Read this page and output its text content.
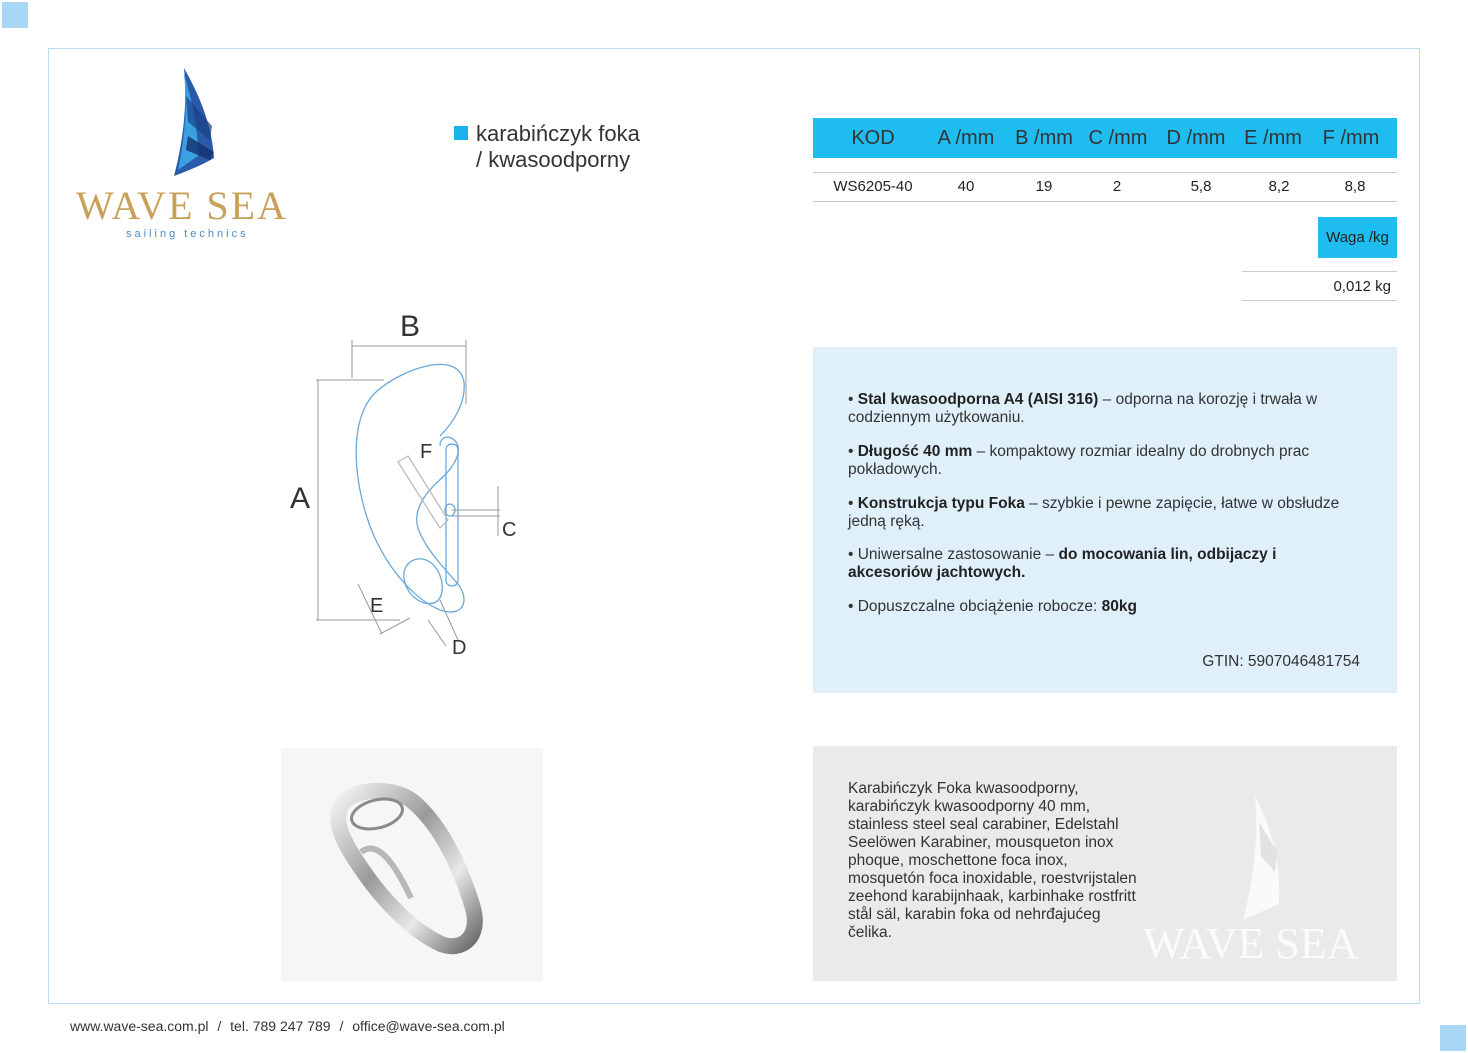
WAVE SEA
sailing technics
karabińczyk foka
/ kwasoodporny
KOD	A /mm	B /mm C /mm D /mm E /mm	F /mm
WS6205-40	40	19	2	5,8	8,2	8,8
Waga /kg
0,012 kg
B
A
F
C
E
D

• Stal kwasoodporna A4 (AISI 316) – odporna na korozję i trwała w codziennym użytkowaniu.

• Długość 40 mm – kompaktowy rozmiar idealny do drobnych prac pokładowych.

• Konstrukcja typu Foka – szybkie i pewne zapięcie, łatwe w obsłudze jedną ręką.

• Uniwersalne zastosowanie – do mocowania lin, odbijaczy i akcesoriów jachtowych.

• Dopuszczalne obciążenie robocze: 80kg

GTIN: 5907046481754

Karabińczyk Foka kwasoodporny, karabińczyk kwasoodporny 40 mm, stainless steel seal carabiner, Edelstahl Seelöwen Karabiner, mousqueton inox phoque, moschettone foca inox, mosquetón foca inoxidable, roestvrijstalen zeehond karabijnhaak, karbinhake rostfritt stål säl, karabin foka od nehrđajućeg čelika.	WAVE SEA
www.wave-sea.com.pl / tel. 789 247 789 / office@wave-sea.com.pl
